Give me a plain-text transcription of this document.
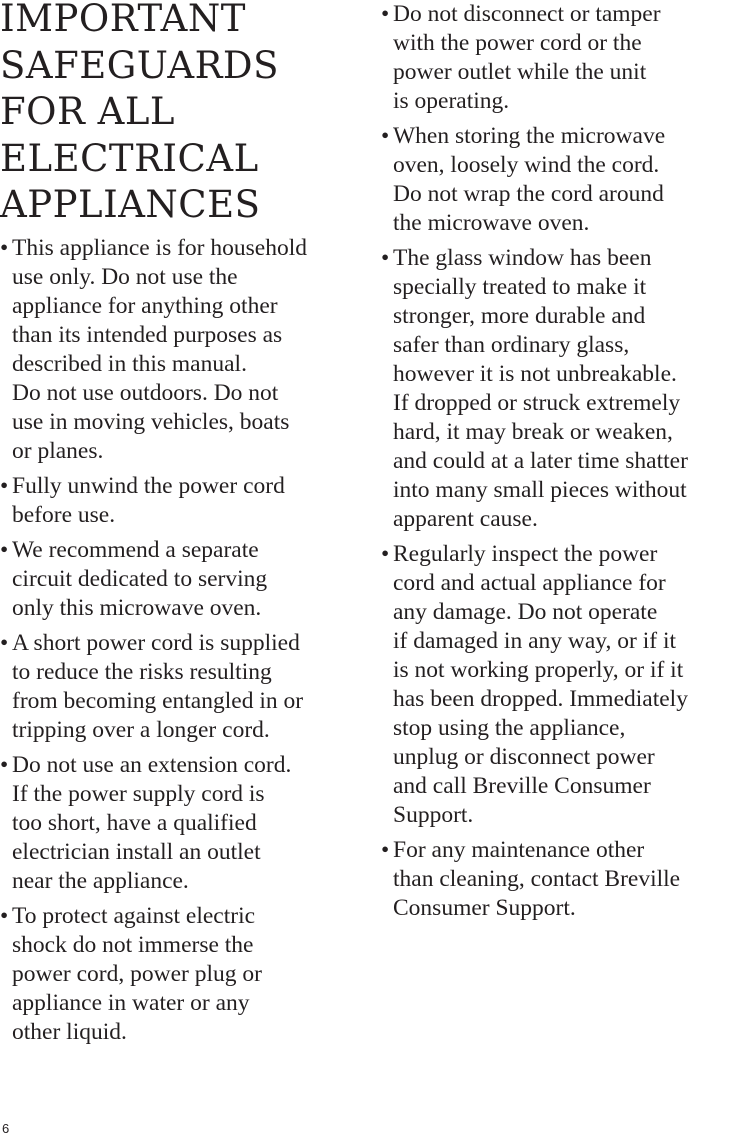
IMPORTANT
SAFEGUARDS
FOR ALL
ELECTRICAL
APPLIANCES
• This appliance is for household
use only. Do not use the
appliance for anything other
than its intended purposes as
described in this manual.
Do not use outdoors. Do not
use in moving vehicles, boats
or planes.
• Fully unwind the power cord
before use.
• We recommend a separate
circuit dedicated to serving
only this microwave oven.
• A short power cord is supplied
to reduce the risks resulting
from becoming entangled in or
tripping over a longer cord.
• Do not use an extension cord.
If the power supply cord is
too short, have a qualified
electrician install an outlet
near the appliance.
• To protect against electric
shock do not immerse the
power cord, power plug or
appliance in water or any
other liquid.
• Do not disconnect or tamper
with the power cord or the
power outlet while the unit
is operating.
• When storing the microwave
oven, loosely wind the cord.
Do not wrap the cord around
the microwave oven.
• The glass window has been
specially treated to make it
stronger, more durable and
safer than ordinary glass,
however it is not unbreakable.
If dropped or struck extremely
hard, it may break or weaken,
and could at a later time shatter
into many small pieces without
apparent cause.
• Regularly inspect the power
cord and actual appliance for
any damage. Do not operate
if damaged in any way, or if it
is not working properly, or if it
has been dropped. Immediately
stop using the appliance,
unplug or disconnect power
and call Breville Consumer
Support.
• For any maintenance other
than cleaning, contact Breville
Consumer Support.
6
